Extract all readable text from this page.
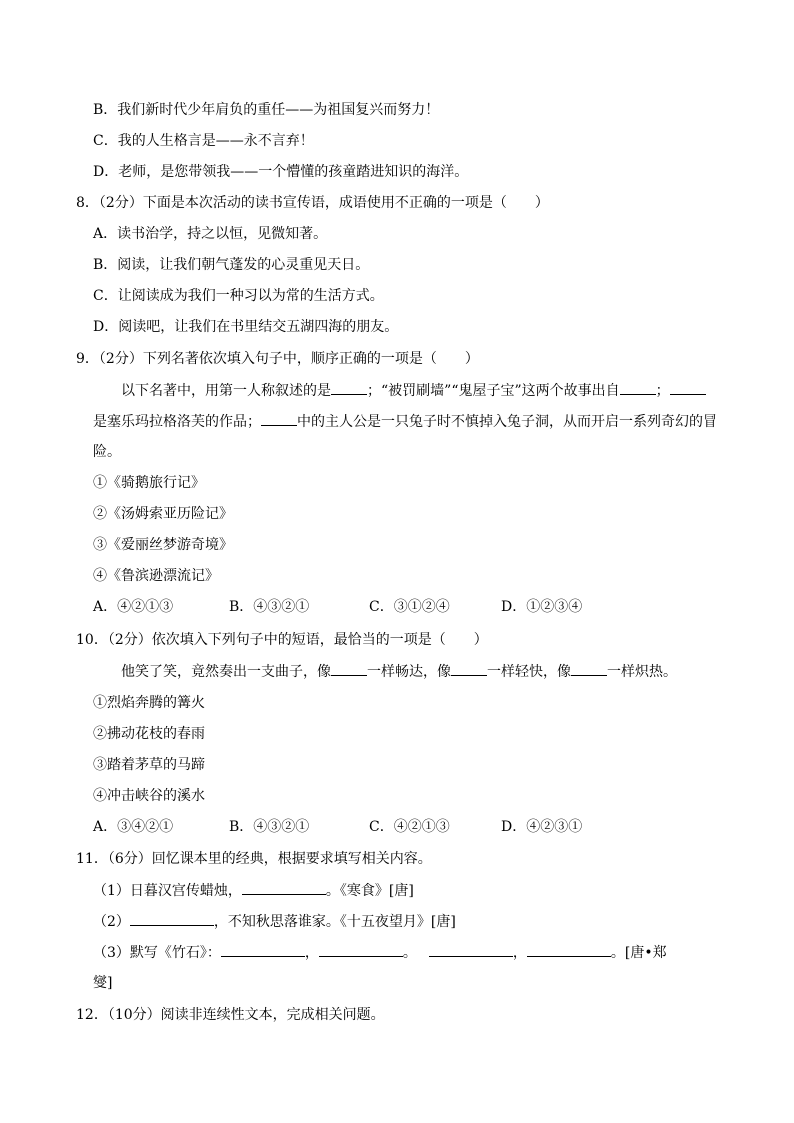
B．我们新时代少年肩负的重任——为祖国复兴而努力！
C．我的人生格言是——永不言弃！
D．老师，是您带领我——一个懵懂的孩童踏进知识的海洋。
8．（2分）下面是本次活动的读书宣传语，成语使用不正确的一项是（　　）
A．读书治学，持之以恒，见微知著。
B．阅读，让我们朝气蓬发的心灵重见天日。
C．让阅读成为我们一种习以为常的生活方式。
D．阅读吧，让我们在书里结交五湖四海的朋友。
9．（2分）下列名著依次填入句子中，顺序正确的一项是（　　）
以下名著中，用第一人称叙述的是	；“被罚刷墙”“鬼屋子宝”这两个故事出自	；
是塞乐玛拉格洛芙的作品；	中的主人公是一只兔子时不慎掉入兔子洞，从而开启一系列奇幻的冒
险。
①《骑鹅旅行记》
②《汤姆索亚历险记》
③《爱丽丝梦游奇境》
④《鲁滨逊漂流记》
A．④②①③	B．④③②①	C．③①②④	D．①②③④
10．（2分）依次填入下列句子中的短语，最恰当的一项是（　　）
他笑了笑，竟然奏出一支曲子，像	一样畅达，像	一样轻快，像	一样炽热。
①烈焰奔腾的篝火
②拂动花枝的春雨
③踏着茅草的马蹄
④冲击峡谷的溪水
A．③④②①	B．④③②①	C．④②①③	D．④②③①
11．（6分）回忆课本里的经典，根据要求填写相关内容。
（1）日暮汉宫传蜡烛，	。《寒食》[唐]
（2）	，不知秋思落谁家。《十五夜望月》[唐]
（3）默写《竹石》：	，	。	，	。[唐•郑
燮]
12．（10分）阅读非连续性文本，完成相关问题。
